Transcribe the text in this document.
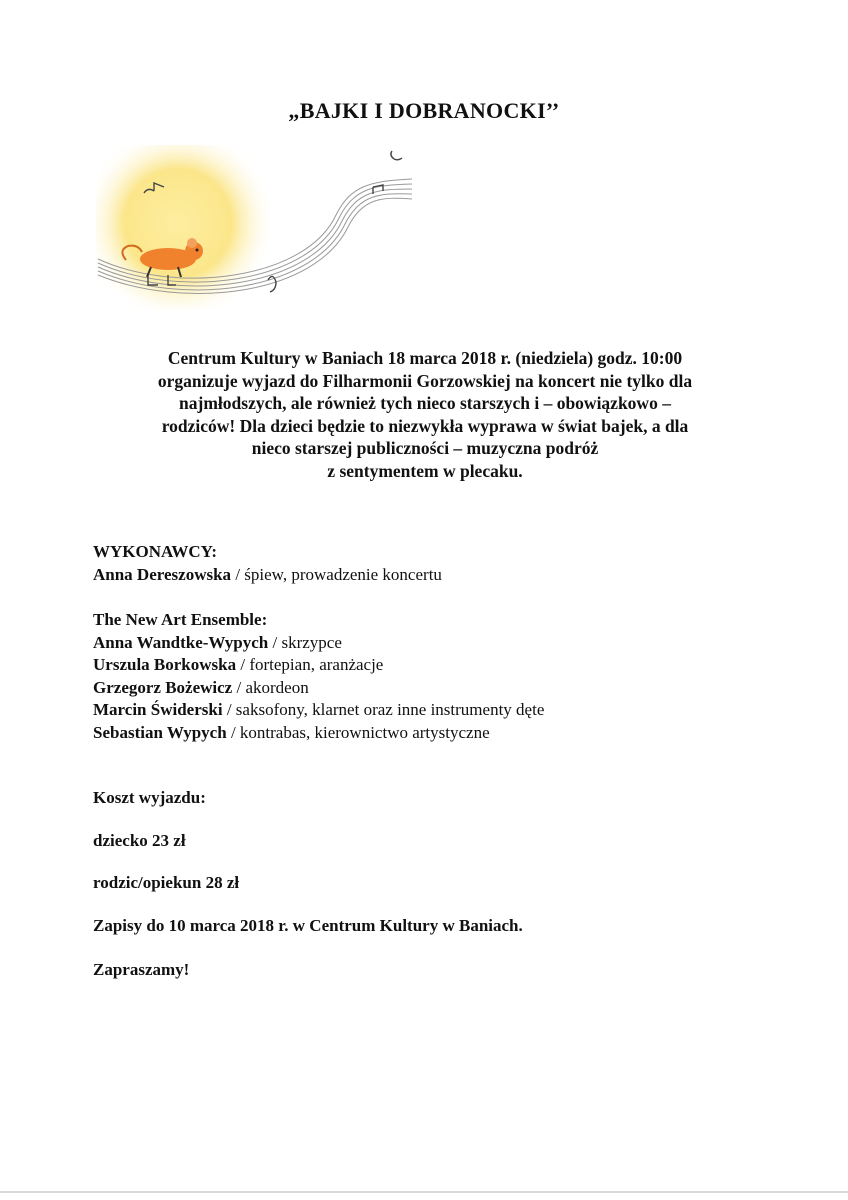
„BAJKI I DOBRANOCKI’’

Centrum Kultury w Baniach 18 marca 2018 r. (niedziela) godz. 10:00

organizuje wyjazd do Filharmonii Gorzowskiej na koncert nie tylko dla

najmłodszych, ale również tych nieco starszych i – obowiązkowo –

rodziców! Dla dzieci będzie to niezwykła wyprawa w świat bajek, a dla

nieco starszej publiczności – muzyczna podróż

z sentymentem w plecaku.

WYKONAWCY:

Anna Dereszowska / śpiew, prowadzenie koncertu

The New Art Ensemble:

Anna Wandtke-Wypych / skrzypce

Urszula Borkowska / fortepian, aranżacje

Grzegorz Bożewicz / akordeon

Marcin Świderski / saksofony, klarnet oraz inne instrumenty dęte

Sebastian Wypych / kontrabas, kierownictwo artystyczne

Koszt wyjazdu:

dziecko 23 zł

rodzic/opiekun 28 zł

Zapisy do 10 marca 2018 r. w Centrum Kultury w Baniach.

Zapraszamy!
